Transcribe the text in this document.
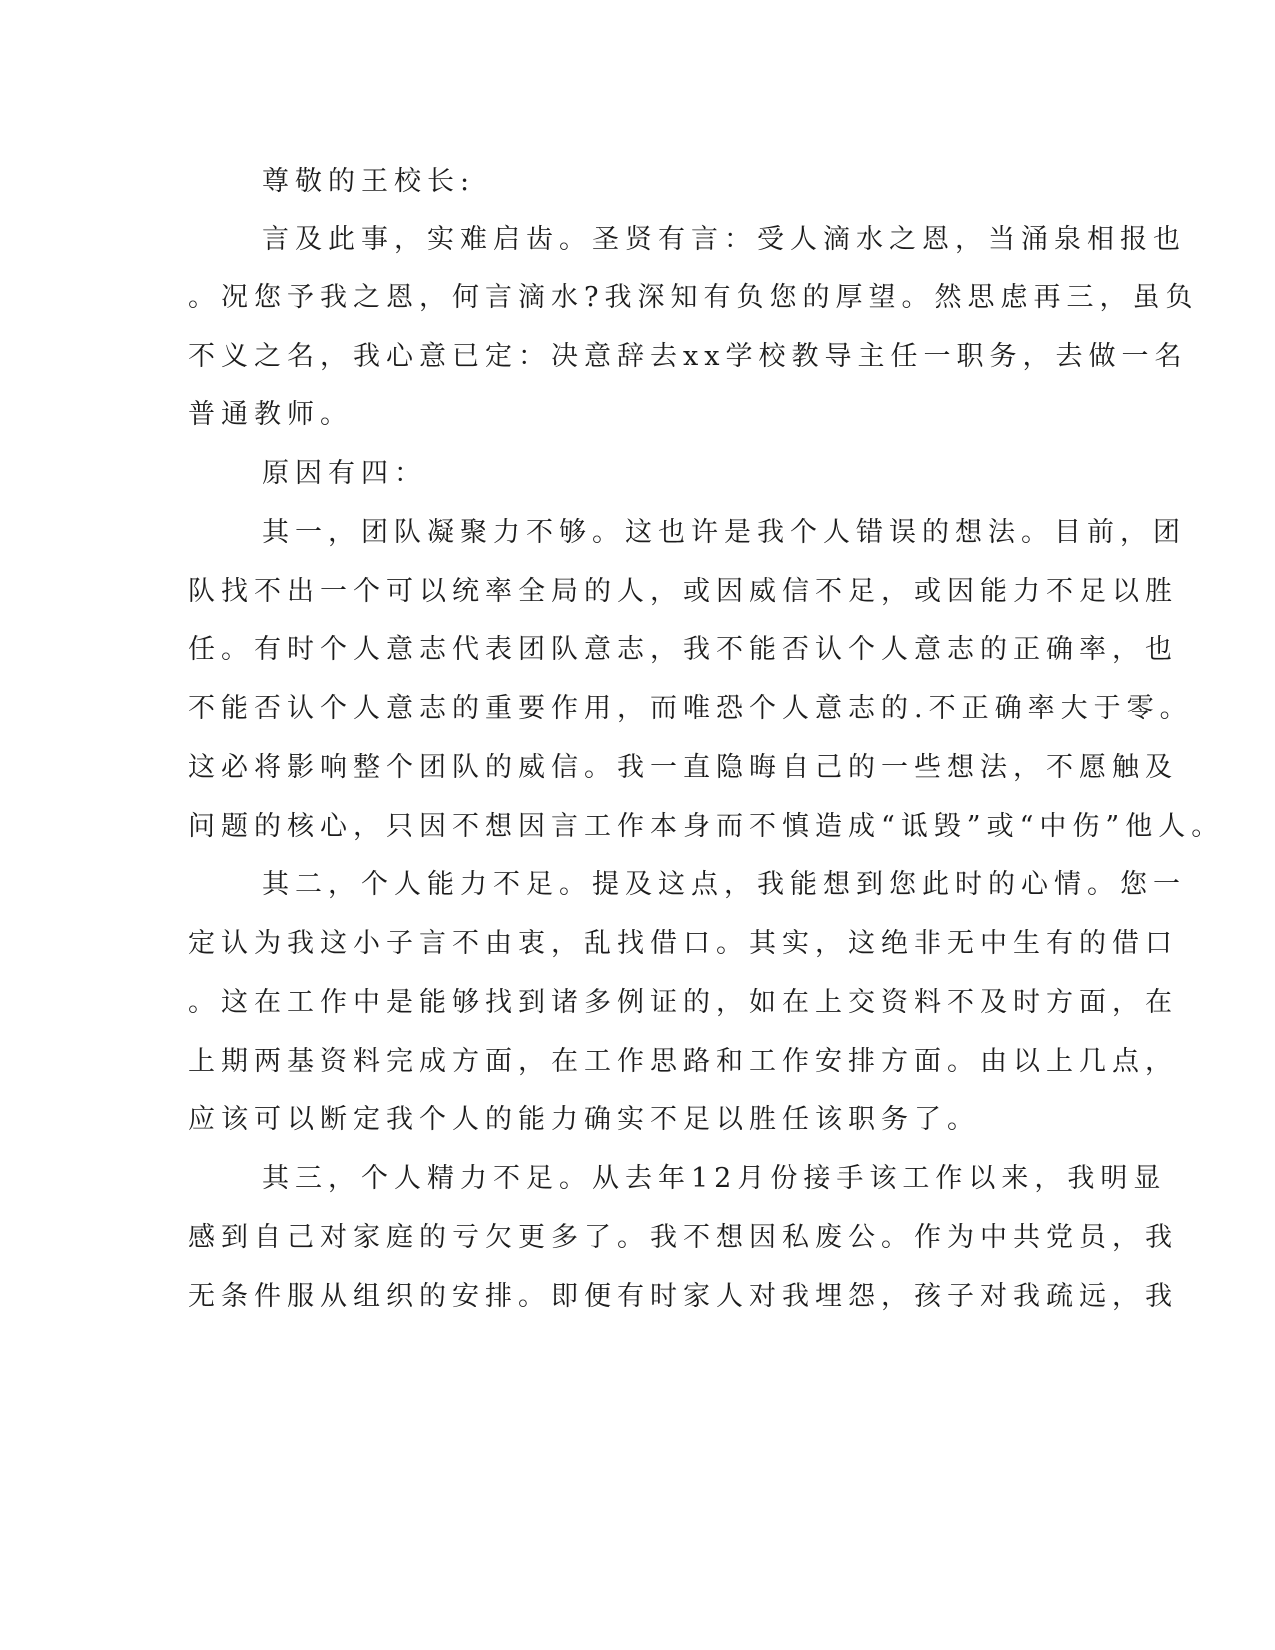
尊敬的王校长:
言及此事，实难启齿。圣贤有言：受人滴水之恩，当涌泉相报也
。况您予我之恩，何言滴水?我深知有负您的厚望。然思虑再三，虽负
不义之名，我心意已定：决意辞去xx学校教导主任一职务，去做一名
普通教师。
原因有四：
其一，团队凝聚力不够。这也许是我个人错误的想法。目前，团
队找不出一个可以统率全局的人，或因威信不足，或因能力不足以胜
任。有时个人意志代表团队意志，我不能否认个人意志的正确率，也
不能否认个人意志的重要作用，而唯恐个人意志的.不正确率大于零。
这必将影响整个团队的威信。我一直隐晦自己的一些想法，不愿触及
问题的核心，只因不想因言工作本身而不慎造成“诋毁”或“中伤”他人。
其二，个人能力不足。提及这点，我能想到您此时的心情。您一
定认为我这小子言不由衷，乱找借口。其实，这绝非无中生有的借口
。这在工作中是能够找到诸多例证的，如在上交资料不及时方面，在
上期两基资料完成方面，在工作思路和工作安排方面。由以上几点，
应该可以断定我个人的能力确实不足以胜任该职务了。
其三，个人精力不足。从去年12月份接手该工作以来，我明显
感到自己对家庭的亏欠更多了。我不想因私废公。作为中共党员，我
无条件服从组织的安排。即便有时家人对我埋怨，孩子对我疏远，我
